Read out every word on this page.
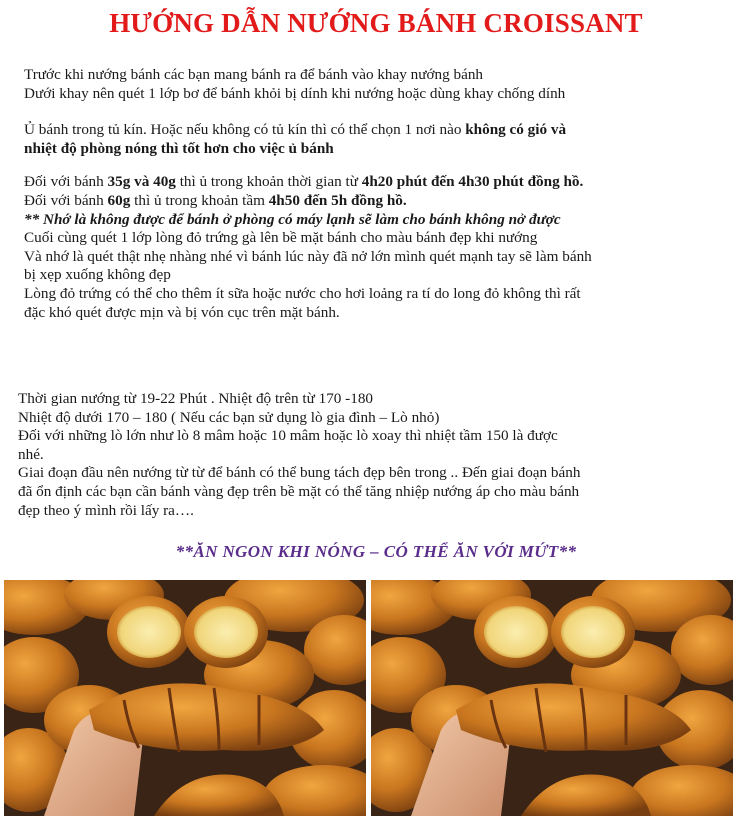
HƯỚNG DẪN NƯỚNG BÁNH CROISSANT

Trước khi nướng bánh các bạn mang bánh ra để bánh vào khay nướng bánh

Dưới khay nên quét 1 lớp bơ để bánh khỏi bị dính khi nướng hoặc dùng khay chống dính

Ủ bánh trong tủ kín. Hoặc nếu không có tủ kín thì có thể chọn 1 nơi nào không có gió và

nhiệt độ phòng nóng thì tốt hơn cho việc ủ bánh

Đối với bánh 35g và 40g thì ủ trong khoản thời gian từ 4h20 phút đến 4h30 phút đồng hồ.

Đối với bánh 60g thì ủ trong khoản tầm 4h50 đến 5h đồng hồ.

** Nhớ là không được để bánh ở phòng có máy lạnh sẽ làm cho bánh không nở được

Cuối cùng quét 1 lớp lòng đỏ trứng gà lên bề mặt bánh cho màu bánh đẹp khi nướng

Và nhớ là quét thật nhẹ nhàng nhé vì bánh lúc này đã nở lớn mình quét mạnh tay sẽ làm bánh

bị xẹp xuống không đẹp

Lòng đỏ trứng có thể cho thêm ít sữa hoặc nước cho hơi loảng ra tí do long đỏ không thì rất

đặc khó quét được mịn và bị vón cục trên mặt bánh.

Thời gian nướng từ 19-22 Phút . Nhiệt độ trên từ 170 -180

Nhiệt độ dưới 170 – 180 ( Nếu các bạn sử dụng lò gia đình – Lò nhỏ)

Đối với những lò lớn như lò 8 mâm hoặc 10 mâm hoặc lò xoay thì nhiệt tầm 150 là được

nhé.

Giai đoạn đầu nên nướng từ từ để bánh có thể bung tách đẹp bên trong .. Đến giai đoạn bánh

đã ổn định các bạn cần bánh vàng đẹp trên bề mặt có thể tăng nhiệp nướng áp cho màu bánh

đẹp theo ý mình rồi lấy ra….

**ĂN NGON KHI NÓNG – CÓ THỂ ĂN VỚI MỨT**
